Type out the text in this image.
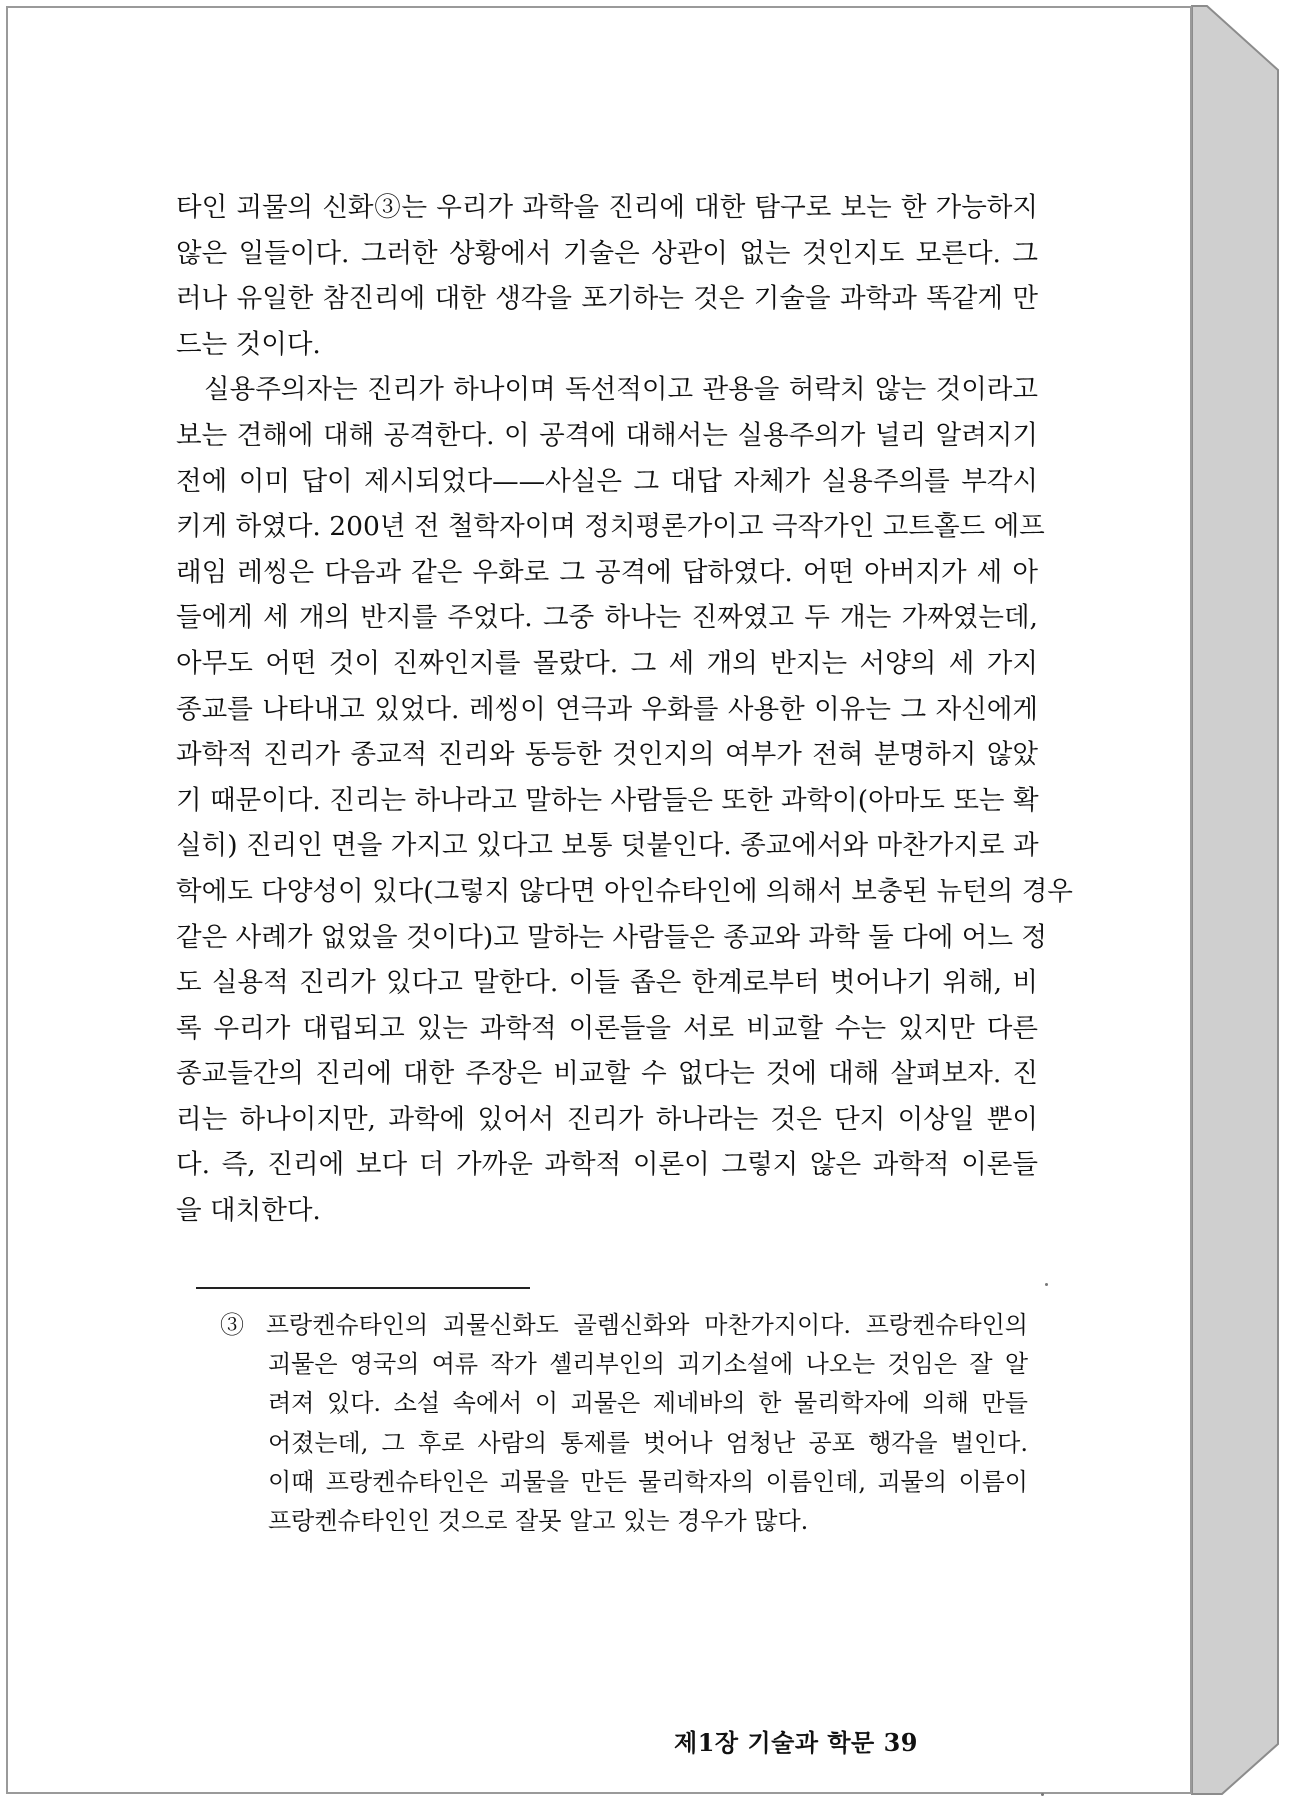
타인 괴물의 신화③는 우리가 과학을 진리에 대한 탐구로 보는 한 가능하지
않은 일들이다. 그러한 상황에서 기술은 상관이 없는 것인지도 모른다. 그
러나 유일한 참진리에 대한 생각을 포기하는 것은 기술을 과학과 똑같게 만
드는 것이다.
실용주의자는 진리가 하나이며 독선적이고 관용을 허락치 않는 것이라고
보는 견해에 대해 공격한다. 이 공격에 대해서는 실용주의가 널리 알려지기
전에 이미 답이 제시되었다——사실은 그 대답 자체가 실용주의를 부각시
키게 하였다. 200년 전 철학자이며 정치평론가이고 극작가인 고트홀드 에프
래임 레씽은 다음과 같은 우화로 그 공격에 답하였다. 어떤 아버지가 세 아
들에게 세 개의 반지를 주었다. 그중 하나는 진짜였고 두 개는 가짜였는데,
아무도 어떤 것이 진짜인지를 몰랐다. 그 세 개의 반지는 서양의 세 가지
종교를 나타내고 있었다. 레씽이 연극과 우화를 사용한 이유는 그 자신에게
과학적 진리가 종교적 진리와 동등한 것인지의 여부가 전혀 분명하지 않았
기 때문이다. 진리는 하나라고 말하는 사람들은 또한 과학이(아마도 또는 확
실히) 진리인 면을 가지고 있다고 보통 덧붙인다. 종교에서와 마찬가지로 과
학에도 다양성이 있다(그렇지 않다면 아인슈타인에 의해서 보충된 뉴턴의 경우
같은 사례가 없었을 것이다)고 말하는 사람들은 종교와 과학 둘 다에 어느 정
도 실용적 진리가 있다고 말한다. 이들 좁은 한계로부터 벗어나기 위해, 비
록 우리가 대립되고 있는 과학적 이론들을 서로 비교할 수는 있지만 다른
종교들간의 진리에 대한 주장은 비교할 수 없다는 것에 대해 살펴보자. 진
리는 하나이지만, 과학에 있어서 진리가 하나라는 것은 단지 이상일 뿐이
다. 즉, 진리에 보다 더 가까운 과학적 이론이 그렇지 않은 과학적 이론들
을 대치한다.
③ 프랑켄슈타인의 괴물신화도 골렘신화와 마찬가지이다. 프랑켄슈타인의
괴물은 영국의 여류 작가 셸리부인의 괴기소설에 나오는 것임은 잘 알
려져 있다. 소설 속에서 이 괴물은 제네바의 한 물리학자에 의해 만들
어졌는데, 그 후로 사람의 통제를 벗어나 엄청난 공포 행각을 벌인다.
이때 프랑켄슈타인은 괴물을 만든 물리학자의 이름인데, 괴물의 이름이
프랑켄슈타인인 것으로 잘못 알고 있는 경우가 많다.
제1장 기술과 학문 39
